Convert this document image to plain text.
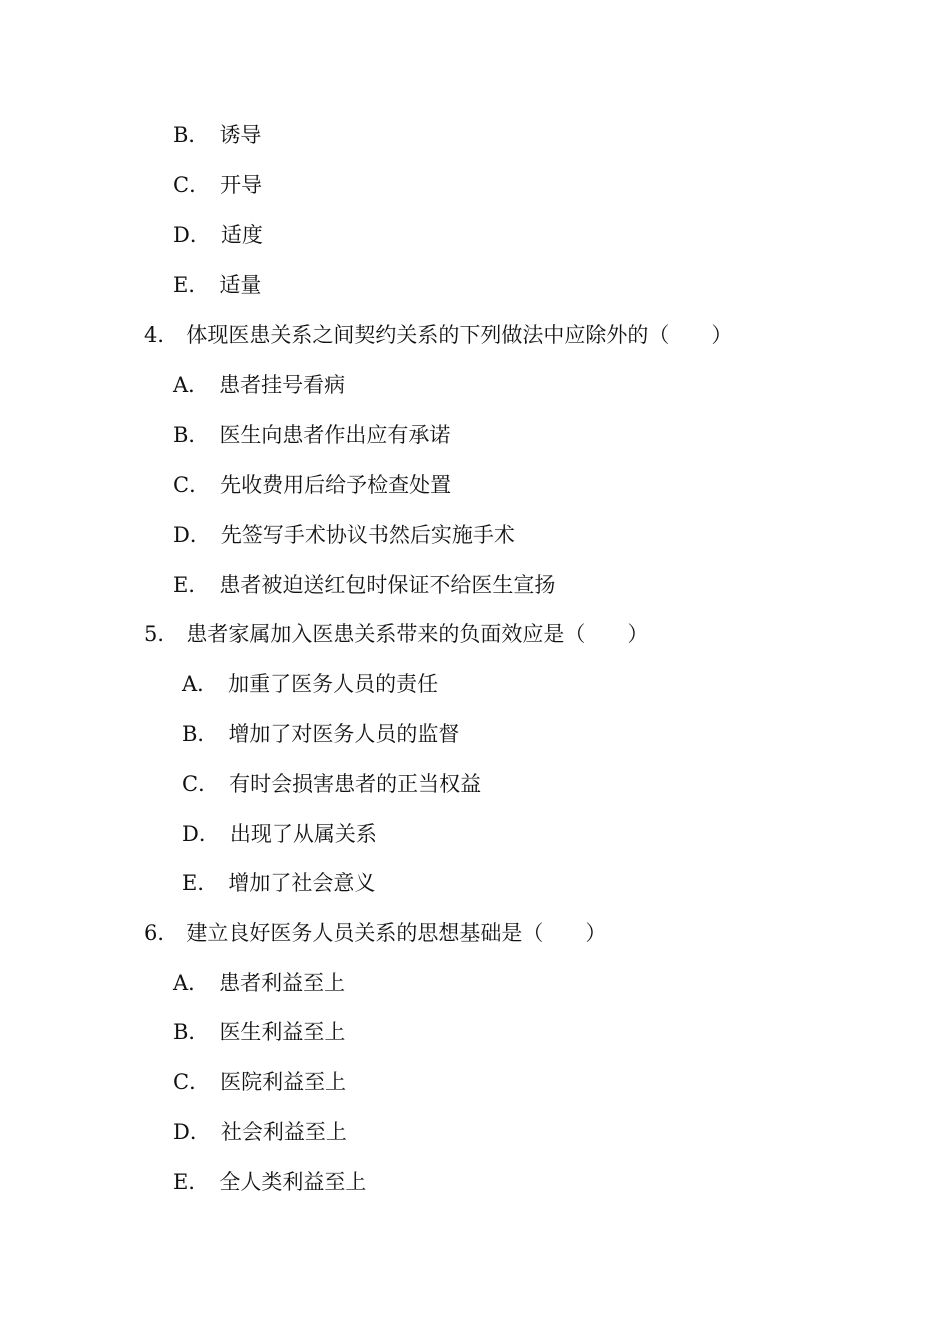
B． 诱导
C． 开导
D． 适度
E． 适量
4． 体现医患关系之间契约关系的下列做法中应除外的（　　）
A． 患者挂号看病
B． 医生向患者作出应有承诺
C． 先收费用后给予检查处置
D． 先签写手术协议书然后实施手术
E． 患者被迫送红包时保证不给医生宣扬
5． 患者家属加入医患关系带来的负面效应是（　　）
A． 加重了医务人员的责任
B． 增加了对医务人员的监督
C． 有时会损害患者的正当权益
D． 出现了从属关系
E． 增加了社会意义
6． 建立良好医务人员关系的思想基础是（　　）
A． 患者利益至上
B． 医生利益至上
C． 医院利益至上
D． 社会利益至上
E． 全人类利益至上
